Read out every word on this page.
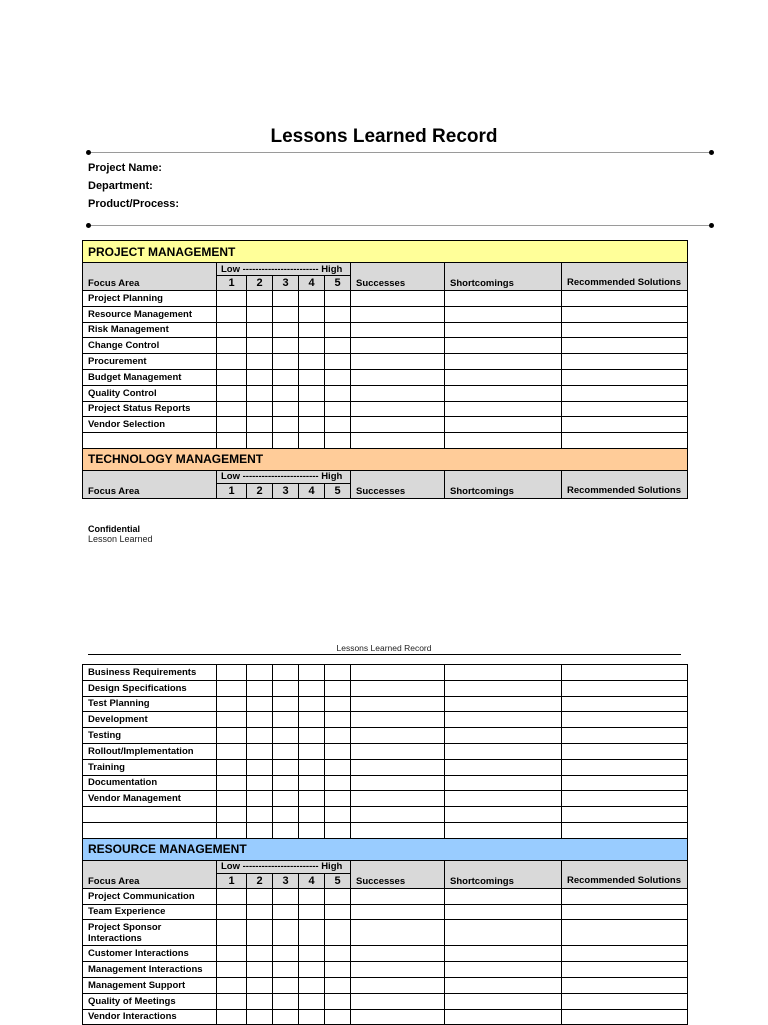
Lessons Learned Record
Project Name:
Department:
Product/Process:
PROJECT MANAGEMENT								
Focus Area	Low ------------------------ High					Successes	Shortcomings	Recommended Solutions
	1	2	3	4	5			
Project Planning								
Resource Management								
Risk Management								
Change Control								
Procurement								
Budget Management								
Quality Control								
Project Status Reports								
Vendor Selection								

TECHNOLOGY MANAGEMENT								
Focus Area	Low ------------------------ High					Successes	Shortcomings	Recommended Solutions
	1	2	3	4	5			
Confidential
Lesson Learned
Lessons Learned Record
Business Requirements								
Design Specifications								
Test Planning								
Development								
Testing								
Rollout/Implementation								
Training								
Documentation								
Vendor Management								

RESOURCE MANAGEMENT								
Focus Area	Low ------------------------ High					Successes	Shortcomings	Recommended Solutions
	1	2	3	4	5			
Project Communication								
Team Experience								
Project Sponsor Interactions								
Customer Interactions								
Management Interactions								
Management Support								
Quality of Meetings								
Vendor Interactions								
